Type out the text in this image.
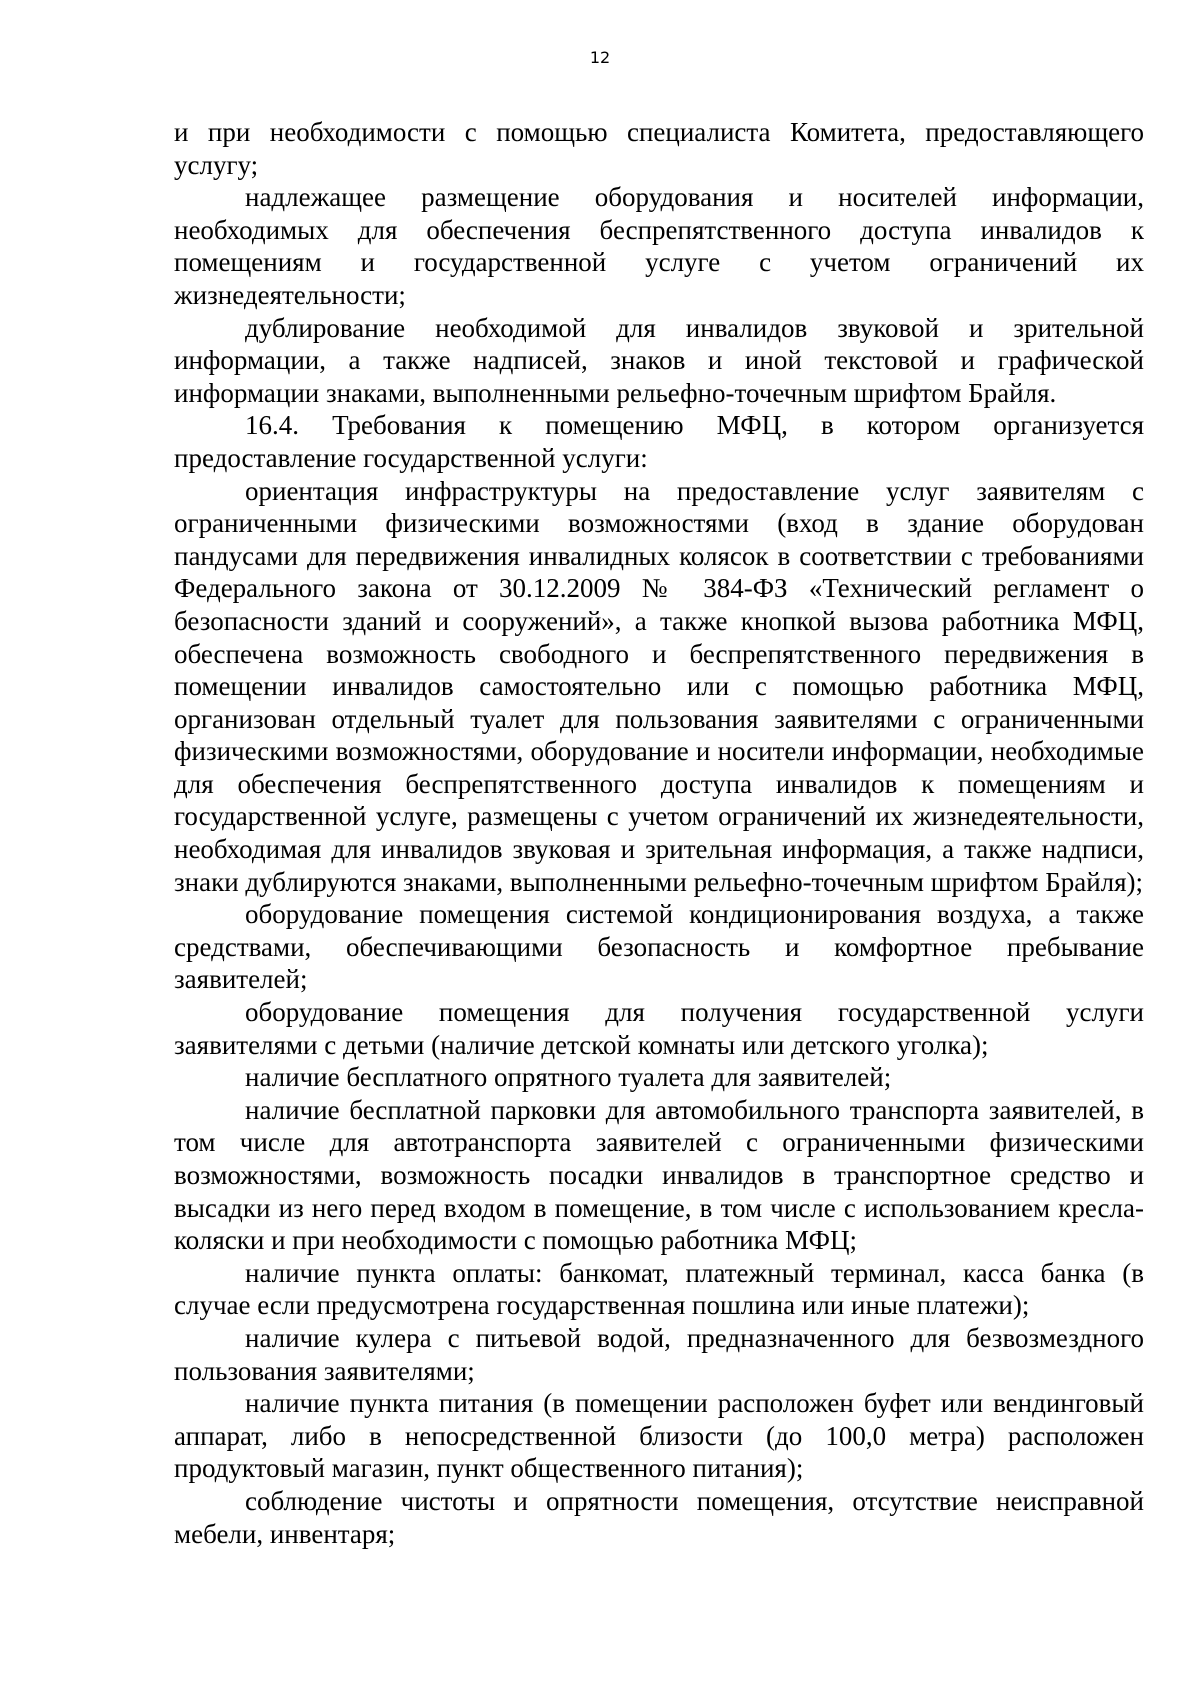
12

и при необходимости с помощью специалиста Комитета, предоставляющего услугу;

надлежащее размещение оборудования и носителей информации, необходимых для обеспечения беспрепятственного доступа инвалидов к помещениям и государственной услуге с учетом ограничений их жизнедеятельности;

дублирование необходимой для инвалидов звуковой и зрительной информации, а также надписей, знаков и иной текстовой и графической информации знаками, выполненными рельефно-точечным шрифтом Брайля.

16.4. Требования к помещению МФЦ, в котором организуется предоставление государственной услуги:

ориентация инфраструктуры на предоставление услуг заявителям с ограниченными физическими возможностями (вход в здание оборудован пандусами для передвижения инвалидных колясок в соответствии с требованиями Федерального закона от 30.12.2009 № 384-ФЗ «Технический регламент о безопасности зданий и сооружений», а также кнопкой вызова работника МФЦ, обеспечена возможность свободного и беспрепятственного передвижения в помещении инвалидов самостоятельно или с помощью работника МФЦ, организован отдельный туалет для пользования заявителями с ограниченными физическими возможностями, оборудование и носители информации, необходимые для обеспечения беспрепятственного доступа инвалидов к помещениям и государственной услуге, размещены с учетом ограничений их жизнедеятельности, необходимая для инвалидов звуковая и зрительная информация, а также надписи, знаки дублируются знаками, выполненными рельефно-точечным шрифтом Брайля);

оборудование помещения системой кондиционирования воздуха, а также средствами, обеспечивающими безопасность и комфортное пребывание заявителей;

оборудование помещения для получения государственной услуги заявителями с детьми (наличие детской комнаты или детского уголка);

наличие бесплатного опрятного туалета для заявителей;

наличие бесплатной парковки для автомобильного транспорта заявителей, в том числе для автотранспорта заявителей с ограниченными физическими возможностями, возможность посадки инвалидов в транспортное средство и высадки из него перед входом в помещение, в том числе с использованием кресла-коляски и при необходимости с помощью работника МФЦ;

наличие пункта оплаты: банкомат, платежный терминал, касса банка (в случае если предусмотрена государственная пошлина или иные платежи);

наличие кулера с питьевой водой, предназначенного для безвозмездного пользования заявителями;

наличие пункта питания (в помещении расположен буфет или вендинговый аппарат, либо в непосредственной близости (до 100,0 метра) расположен продуктовый магазин, пункт общественного питания);

соблюдение чистоты и опрятности помещения, отсутствие неисправной мебели, инвентаря;
